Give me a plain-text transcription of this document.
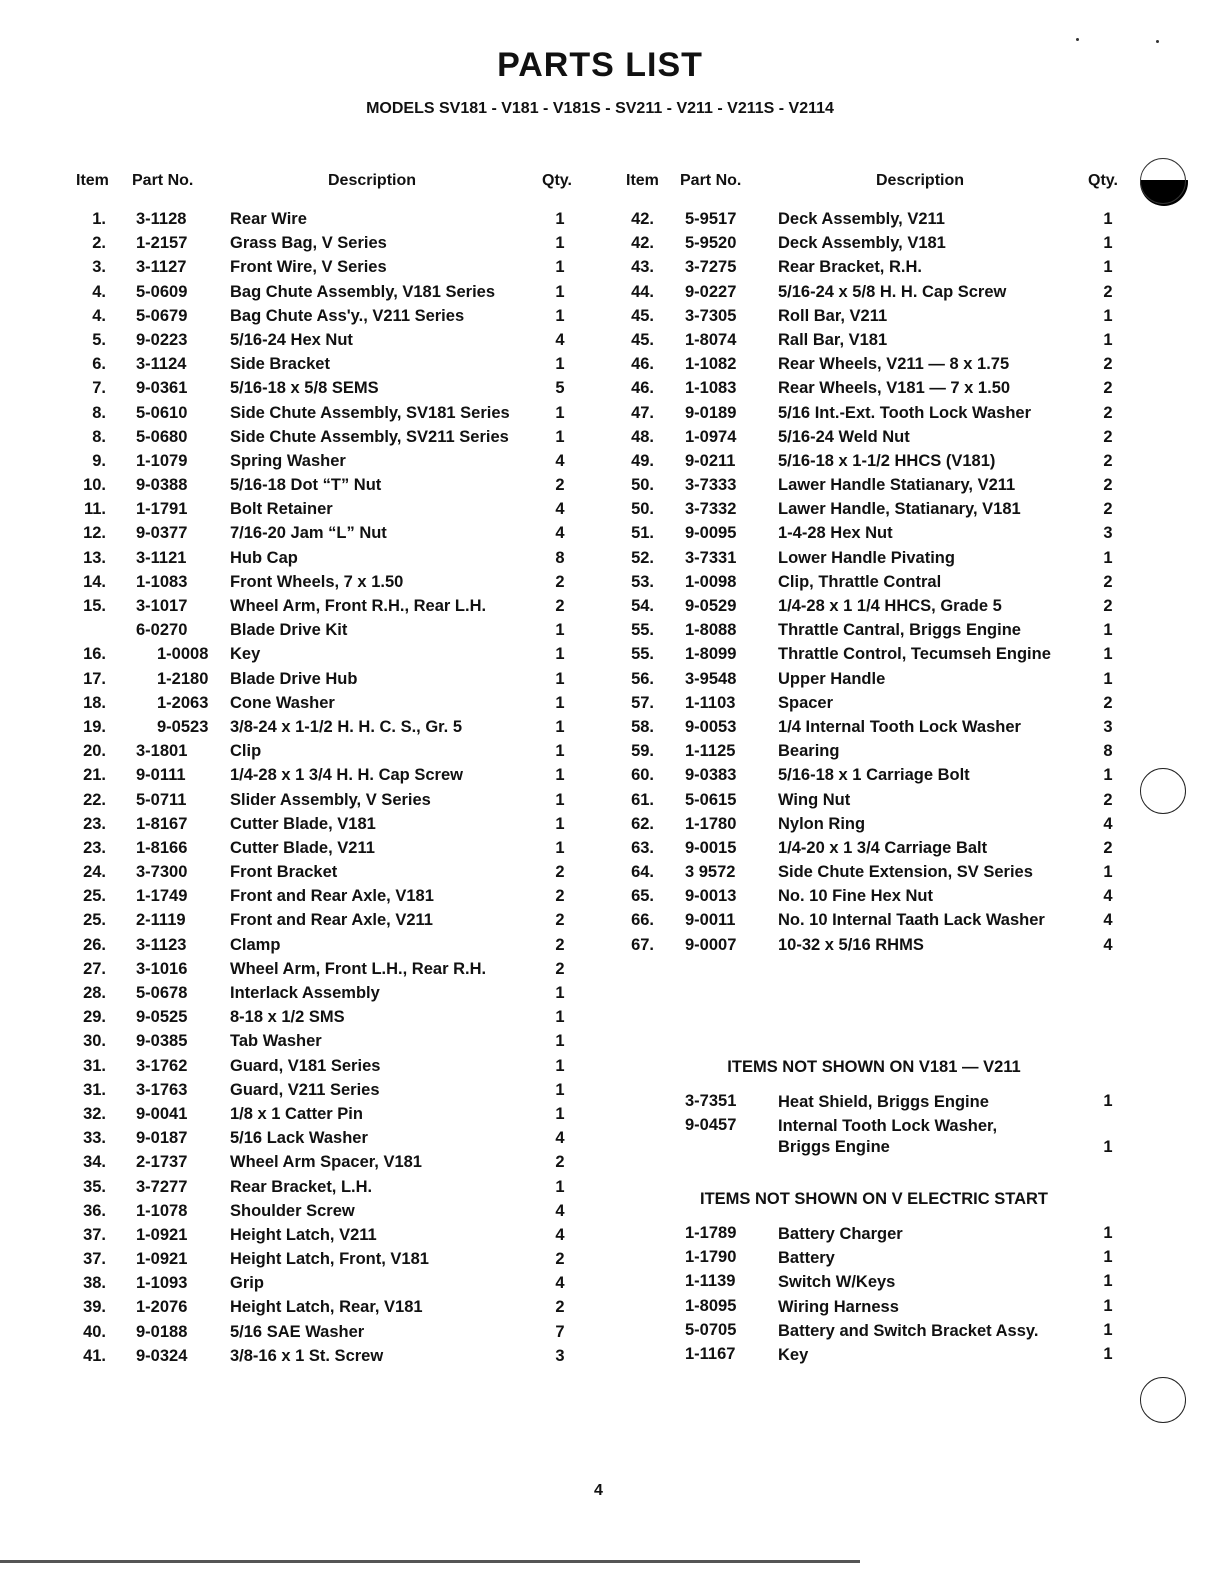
PARTS LIST
MODELS SV181 - V181 - V181S - SV211 - V211 - V211S - V2114
Item Part No.	Description	Qty.
1. 3-1128	Rear Wire	1
2. 1-2157	Grass Bag, V Series	1
3. 3-1127	Front Wire, V Series	1
4. 5-0609	Bag Chute Assembly, V181 Series	1
4. 5-0679	Bag Chute Ass'y., V211 Series	1
5. 9-0223	5/16-24 Hex Nut	4
6. 3-1124	Side Bracket	1
7. 9-0361	5/16-18 x 5/8 SEMS	5
8. 5-0610	Side Chute Assembly, SV181 Series	1
8. 5-0680	Side Chute Assembly, SV211 Series	1
9. 1-1079	Spring Washer	4
10. 9-0388	5/16-18 Dot “T” Nut	2
11. 1-1791	Bolt Retainer	4
12. 9-0377	7/16-20 Jam “L” Nut	4
13. 3-1121	Hub Cap	8
14. 1-1083	Front Wheels, 7 x 1.50	2
15. 3-1017	Wheel Arm, Front R.H., Rear L.H.	2
6-0270	Blade Drive Kit	1
16.	1-0008 Key	1
17.	1-2180 Blade Drive Hub	1
18.	1-2063 Cone Washer	1
19.	9-0523 3/8-24 x 1-1/2 H. H. C. S., Gr. 5	1
20. 3-1801	Clip	1
21. 9-0111	1/4-28 x 1 3/4 H. H. Cap Screw	1
22. 5-0711	Slider Assembly, V Series	1
23. 1-8167	Cutter Blade, V181	1
23. 1-8166	Cutter Blade, V211	1
24. 3-7300	Front Bracket	2
25. 1-1749	Front and Rear Axle, V181	2
25. 2-1119	Front and Rear Axle, V211	2
26. 3-1123	Clamp	2
27. 3-1016	Wheel Arm, Front L.H., Rear R.H.	2
28. 5-0678	Interlack Assembly	1
29. 9-0525	8-18 x 1/2 SMS	1
30. 9-0385	Tab Washer	1
31. 3-1762	Guard, V181 Series	1
31. 3-1763	Guard, V211 Series	1
32. 9-0041	1/8 x 1 Catter Pin	1
33. 9-0187	5/16 Lack Washer	4
34. 2-1737	Wheel Arm Spacer, V181	2
35. 3-7277	Rear Bracket, L.H.	1
36. 1-1078	Shoulder Screw	4
37. 1-0921	Height Latch, V211	4
37. 1-0921	Height Latch, Front, V181	2
38. 1-1093	Grip	4
39. 1-2076	Height Latch, Rear, V181	2
40. 9-0188	5/16 SAE Washer	7
41. 9-0324	3/8-16 x 1 St. Screw	3
Item Part No.	Description	Qty.
42. 5-9517	Deck Assembly, V211	1
42. 5-9520	Deck Assembly, V181	1
43. 3-7275	Rear Bracket, R.H.	1
44. 9-0227	5/16-24 x 5/8 H. H. Cap Screw	2
45. 3-7305	Roll Bar, V211	1
45. 1-8074	Rall Bar, V181	1
46. 1-1082	Rear Wheels, V211 — 8 x 1.75	2
46. 1-1083	Rear Wheels, V181 — 7 x 1.50	2
47. 9-0189	5/16 Int.-Ext. Tooth Lock Washer	2
48. 1-0974	5/16-24 Weld Nut	2
49. 9-0211	5/16-18 x 1-1/2 HHCS (V181)	2
50. 3-7333	Lawer Handle Statianary, V211	2
50. 3-7332	Lawer Handle, Statianary, V181	2
51. 9-0095	1-4-28 Hex Nut	3
52. 3-7331	Lower Handle Pivating	1
53. 1-0098	Clip, Thrattle Contral	2
54. 9-0529	1/4-28 x 1 1/4 HHCS, Grade 5	2
55. 1-8088	Thrattle Cantral, Briggs Engine	1
55. 1-8099	Thrattle Control, Tecumseh Engine	1
56. 3-9548	Upper Handle	1
57. 1-1103	Spacer	2
58. 9-0053	1/4 Internal Tooth Lock Washer	3
59. 1-1125	Bearing	8
60. 9-0383	5/16-18 x 1 Carriage Bolt	1
61. 5-0615	Wing Nut	2
62. 1-1780	Nylon Ring	4
63. 9-0015	1/4-20 x 1 3/4 Carriage Balt	2
64. 3 9572	Side Chute Extension, SV Series	1
65. 9-0013	No. 10 Fine Hex Nut	4
66. 9-0011	No. 10 Internal Taath Lack Washer	4
67. 9-0007	10-32 x 5/16 RHMS	4
ITEMS NOT SHOWN ON V181 — V211
3-7351	Heat Shield, Briggs Engine	1
9-0457	Internal Tooth Lock Washer,
Briggs Engine	1
ITEMS NOT SHOWN ON V ELECTRIC START
1-1789	Battery Charger	1
1-1790	Battery	1
1-1139	Switch W/Keys	1
1-8095	Wiring Harness	1
5-0705	Battery and Switch Bracket Assy.	1
1-1167	Key	1
4
